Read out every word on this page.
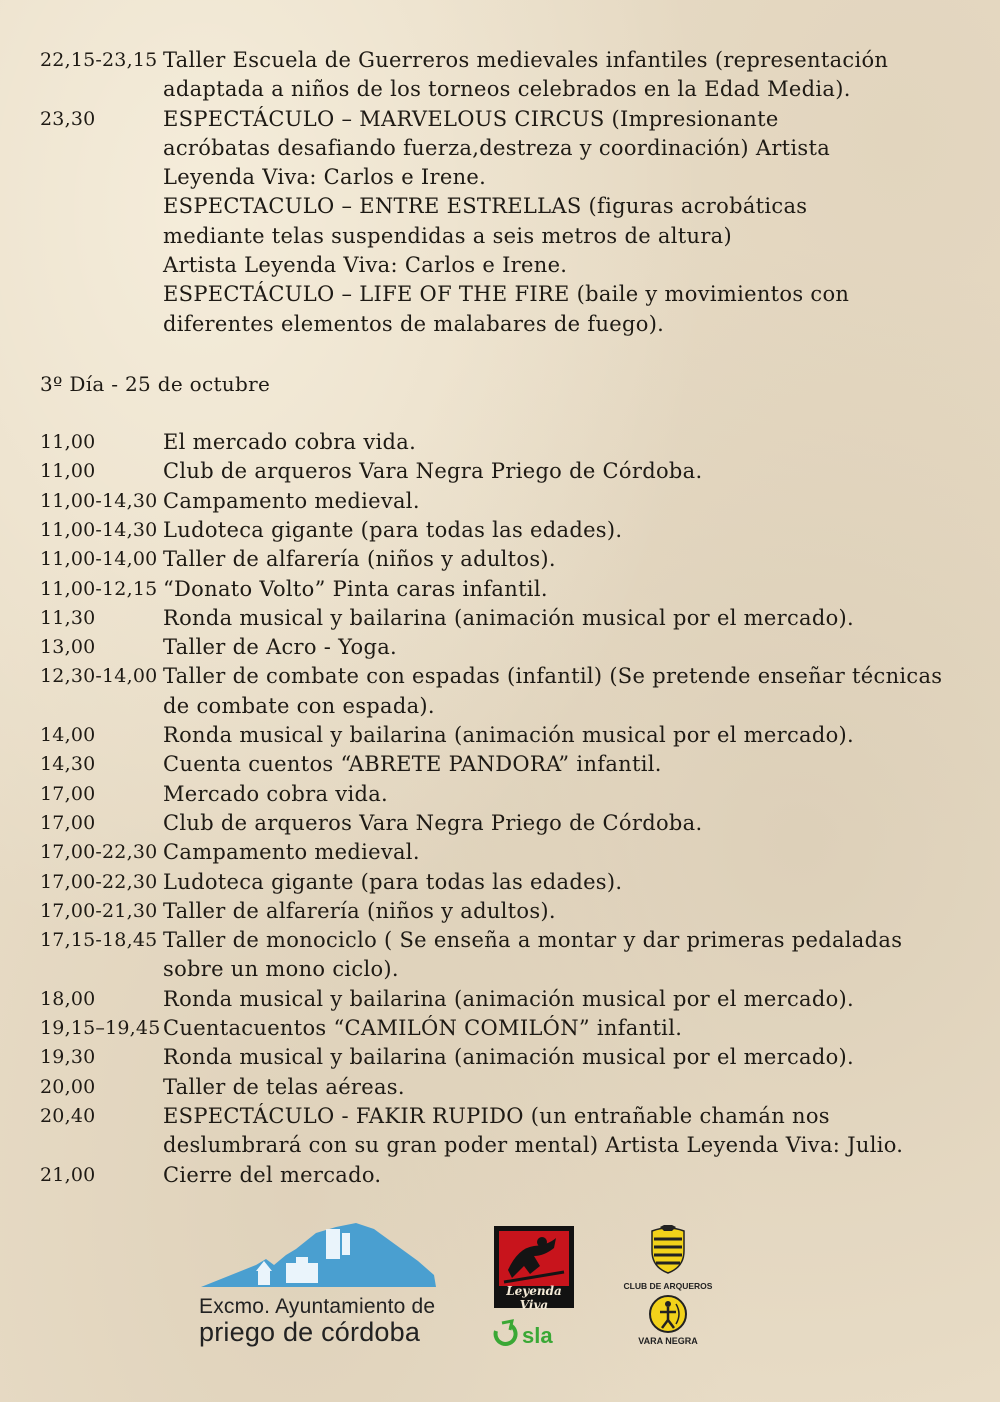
22,15-23,15 Taller Escuela de Guerreros medievales infantiles (representación
adaptada a niños de los torneos celebrados en la Edad Media).
23,30	ESPECTÁCULO – MARVELOUS CIRCUS (Impresionante
acróbatas desafiando fuerza,destreza y coordinación) Artista
Leyenda Viva: Carlos e Irene.
ESPECTACULO – ENTRE ESTRELLAS (figuras acrobáticas
mediante telas suspendidas a seis metros de altura)
Artista Leyenda Viva: Carlos e Irene.
ESPECTÁCULO – LIFE OF THE FIRE (baile y movimientos con
diferentes elementos de malabares de fuego).
3º Día - 25 de octubre
11,00	El mercado cobra vida.
11,00	Club de arqueros Vara Negra Priego de Córdoba.
11,00-14,30 Campamento medieval.
11,00-14,30 Ludoteca gigante (para todas las edades).
11,00-14,00 Taller de alfarería (niños y adultos).
11,00-12,15 “Donato Volto” Pinta caras infantil.
11,30	Ronda musical y bailarina (animación musical por el mercado).
13,00	Taller de Acro - Yoga.
12,30-14,00 Taller de combate con espadas (infantil) (Se pretende enseñar técnicas
de combate con espada).
14,00	Ronda musical y bailarina (animación musical por el mercado).
14,30	Cuenta cuentos “ABRETE PANDORA” infantil.
17,00	Mercado cobra vida.
17,00	Club de arqueros Vara Negra Priego de Córdoba.
17,00-22,30 Campamento medieval.
17,00-22,30 Ludoteca gigante (para todas las edades).
17,00-21,30 Taller de alfarería (niños y adultos).
17,15-18,45 Taller de monociclo ( Se enseña a montar y dar primeras pedaladas
sobre un mono ciclo).
18,00	Ronda musical y bailarina (animación musical por el mercado).
19,15–19,45 Cuentacuentos “CAMILÓN COMILÓN” infantil.
19,30	Ronda musical y bailarina (animación musical por el mercado).
20,00	Taller de telas aéreas.
20,40	ESPECTÁCULO - FAKIR RUPIDO (un entrañable chamán nos
deslumbrará con su gran poder mental) Artista Leyenda Viva: Julio.
21,00	Cierre del mercado.
Excmo. Ayuntamiento de
priego de córdoba
Leyenda Viva
sla
CLUB DE ARQUEROS
VARA NEGRA
